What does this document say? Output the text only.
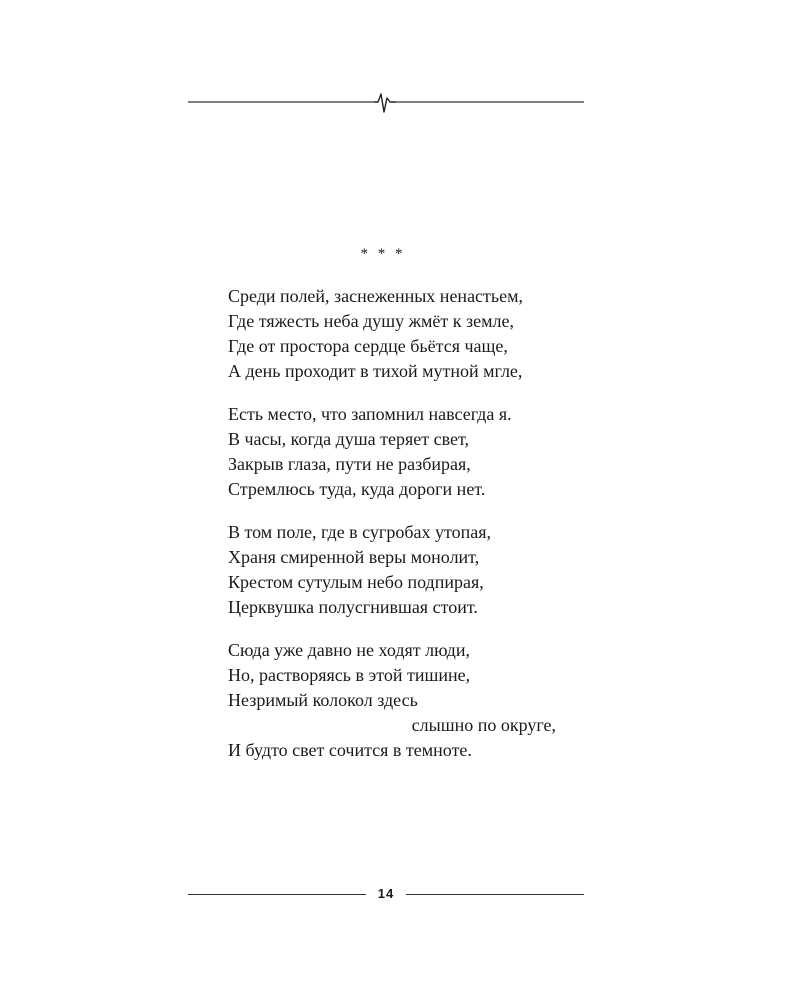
* * *
Среди полей, заснеженных ненастьем,
Где тяжесть неба душу жмёт к земле,
Где от простора сердце бьётся чаще,
А день проходит в тихой мутной мгле,
Есть место, что запомнил навсегда я.
В часы, когда душа теряет свет,
Закрыв глаза, пути не разбирая,
Стремлюсь туда, куда дороги нет.
В том поле, где в сугробах утопая,
Храня смиренной веры монолит,
Крестом сутулым небо подпирая,
Церквушка полусгнившая стоит.
Сюда уже давно не ходят люди,
Но, растворяясь в этой тишине,
Незримый колокол здесь
слышно по округе,
И будто свет сочится в темноте.
14
